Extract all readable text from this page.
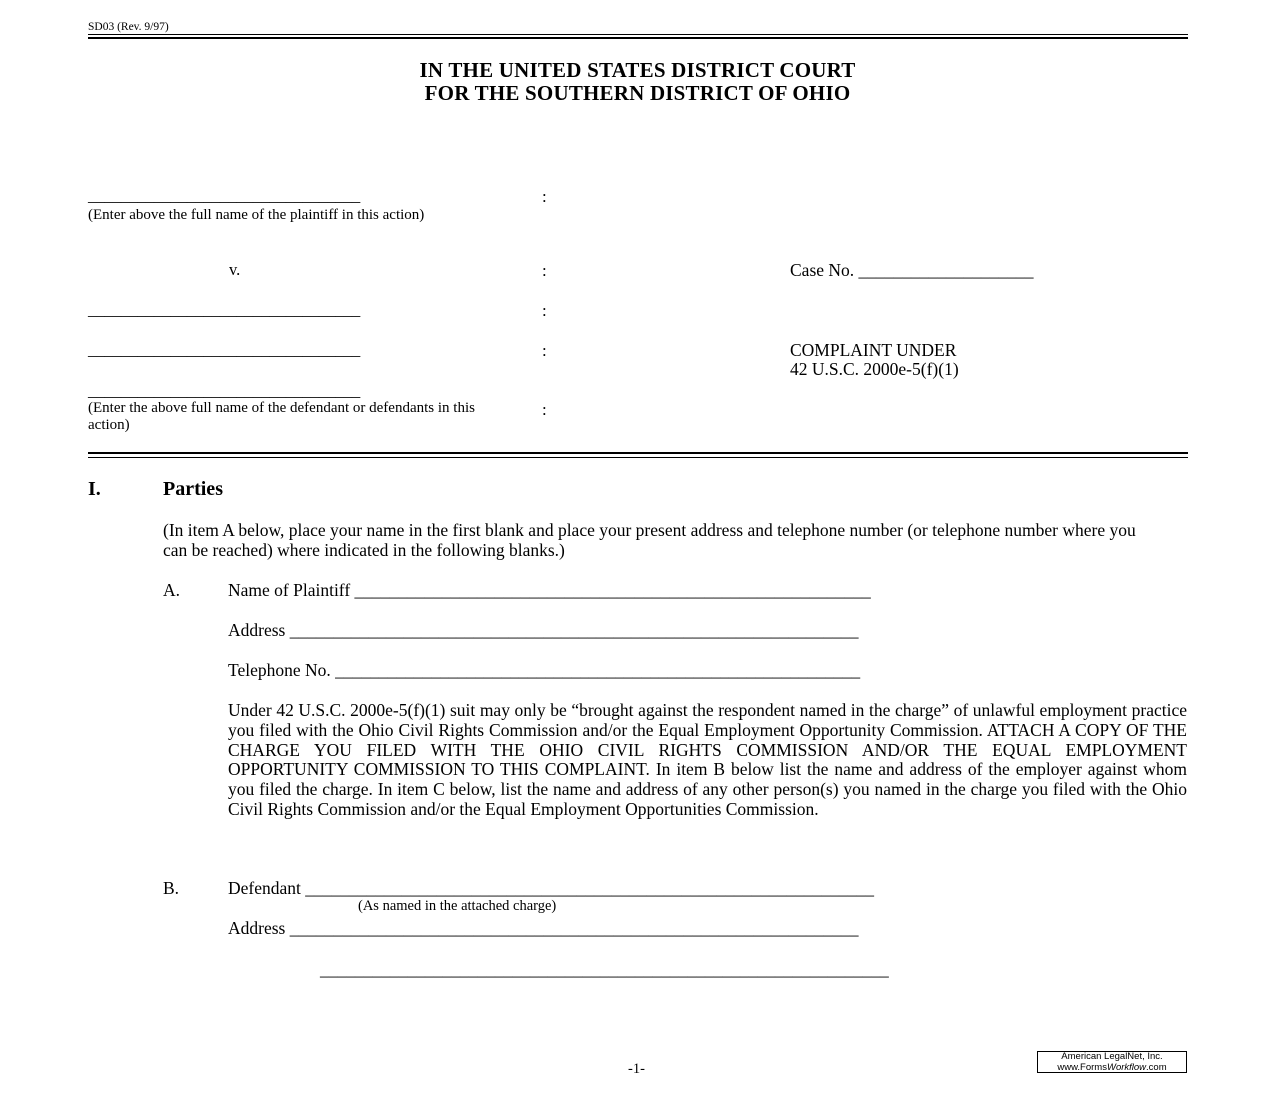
SD03 (Rev. 9/97)
IN THE UNITED STATES DISTRICT COURT
FOR THE SOUTHERN DISTRICT OF OHIO
_________________________________
(Enter above the full name of the plaintiff in this action)
:
v.	:	Case No. ____________________
_________________________________	:
_________________________________	:	COMPLAINT UNDER
42 U.S.C. 2000e-5(f)(1)
_________________________________
(Enter the above full name of the defendant or defendants in this action)
:
I.	Parties
(In item A below, place your name in the first blank and place your present address and telephone number (or telephone number where you can be reached) where indicated in the following blanks.)
A.	Name of Plaintiff ___________________________________________________________
Address _________________________________________________________________
Telephone No. ____________________________________________________________
Under 42 U.S.C. 2000e-5(f)(1) suit may only be “brought against the respondent named in the charge” of unlawful employment practice you filed with the Ohio Civil Rights Commission and/or the Equal Employment Opportunity Commission. ATTACH A COPY OF THE CHARGE YOU FILED WITH THE OHIO CIVIL RIGHTS COMMISSION AND/OR THE EQUAL EMPLOYMENT OPPORTUNITY COMMISSION TO THIS COMPLAINT. In item B below list the name and address of the employer against whom you filed the charge. In item C below, list the name and address of any other person(s) you named in the charge you filed with the Ohio Civil Rights Commission and/or the Equal Employment Opportunities Commission.
B.	Defendant _________________________________________________________________
(As named in the attached charge)
Address _________________________________________________________________
_________________________________________________________________
-1-
American LegalNet, Inc.
www.FormsWorkflow.com
